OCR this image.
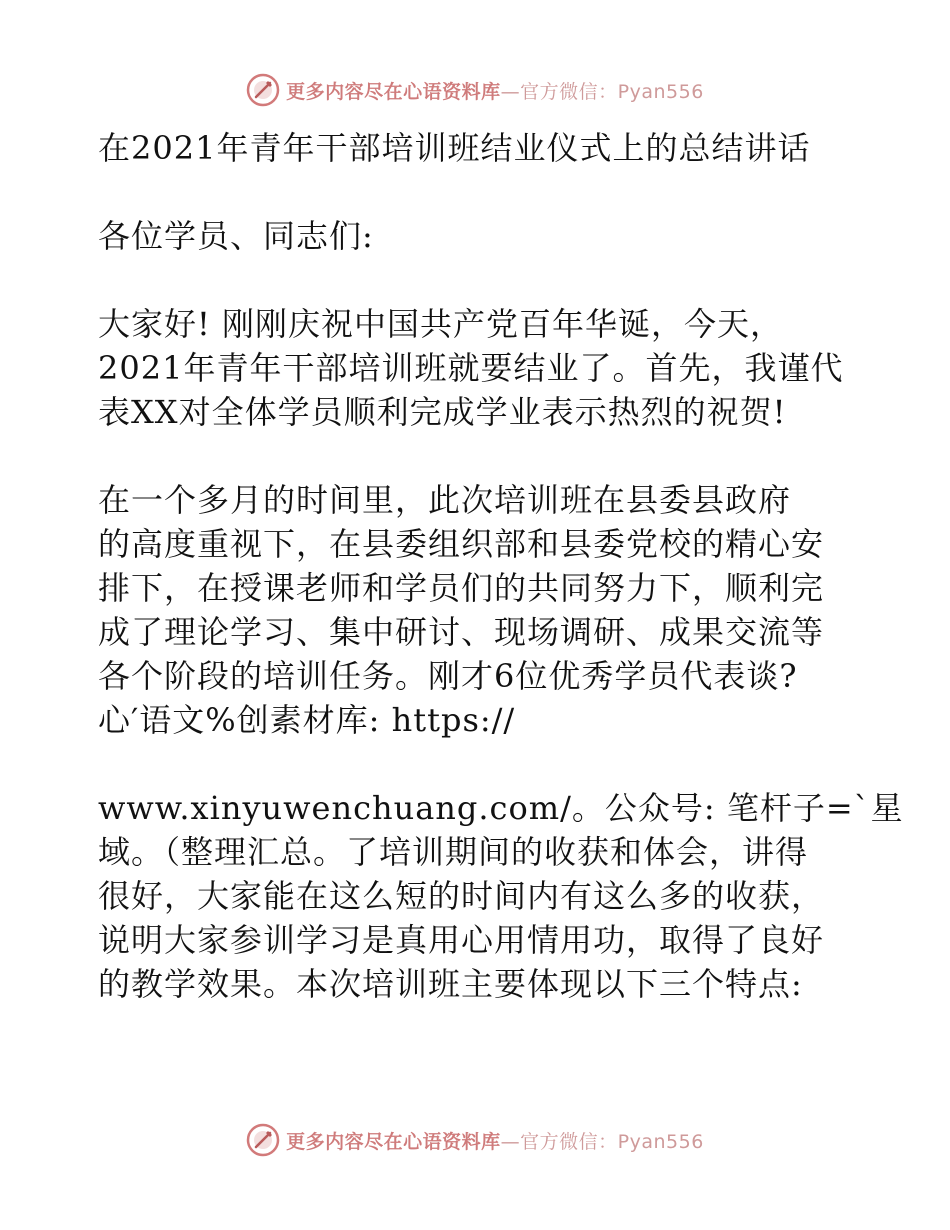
更多内容尽在心语资料库—官方微信：Pyan556
在2021年青年干部培训班结业仪式上的总结讲话
各位学员、同志们:
大家好! 刚刚庆祝中国共产党百年华诞，今天，
2021年青年干部培训班就要结业了。首先，我谨代
表XX对全体学员顺利完成学业表示热烈的祝贺!
在一个多月的时间里，此次培训班在县委县政府
的高度重视下，在县委组织部和县委党校的精心安
排下，在授课老师和学员们的共同努力下，顺利完
成了理论学习、集中研讨、现场调研、成果交流等
各个阶段的培训任务。刚才6位优秀学员代表谈?
心′语文%创素材库: https://
www.xinyuwenchuang.com/。公众号: 笔杆子=`星
域。（整理汇总。了培训期间的收获和体会，讲得
很好，大家能在这么短的时间内有这么多的收获，
说明大家参训学习是真用心用情用功，取得了良好
的教学效果。本次培训班主要体现以下三个特点:
更多内容尽在心语资料库—官方微信：Pyan556
